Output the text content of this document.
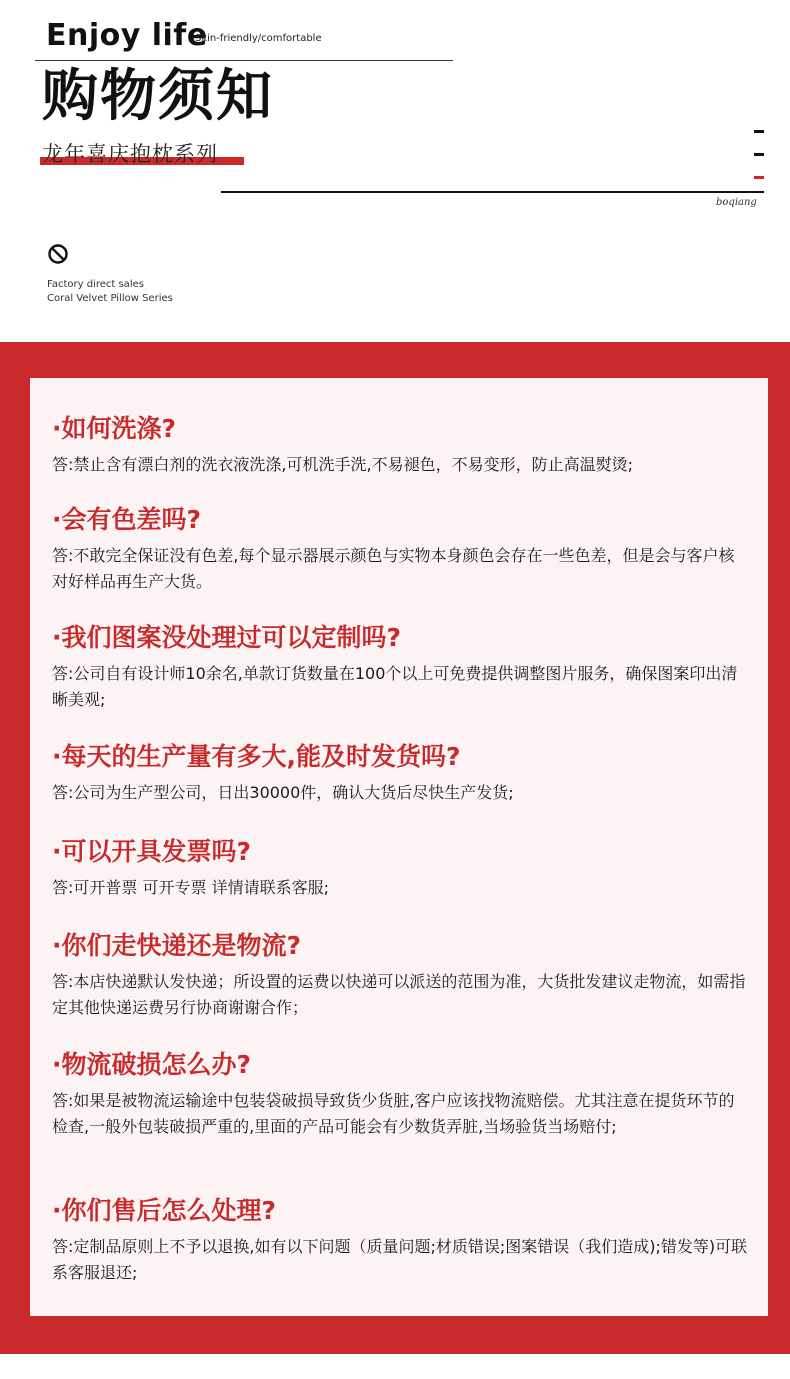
Enjoy life
Skin-friendly/comfortable
购物须知
龙年喜庆抱枕系列
boqiang
Factory direct sales
Coral Velvet Pillow Series
·如何洗涤?
答:禁止含有漂白剂的洗衣液洗涤,可机洗手洗,不易褪色，不易变形，防止高温熨烫;
·会有色差吗?
答:不敢完全保证没有色差,每个显示器展示颜色与实物本身颜色会存在一些色差，但是会与客户核对好样品再生产大货。
·我们图案没处理过可以定制吗?
答:公司自有设计师10余名,单款订货数量在100个以上可免费提供调整图片服务，确保图案印出清晰美观;
·每天的生产量有多大,能及时发货吗?
答:公司为生产型公司，日出30000件，确认大货后尽快生产发货;
·可以开具发票吗?
答:可开普票 可开专票 详情请联系客服;
·你们走快递还是物流?
答:本店快递默认发快递；所设置的运费以快递可以派送的范围为准，大货批发建议走物流，如需指定其他快递运费另行协商谢谢合作；
·物流破损怎么办?
答:如果是被物流运输途中包装袋破损导致货少货脏,客户应该找物流赔偿。尤其注意在提货环节的检查,一般外包装破损严重的,里面的产品可能会有少数货弄脏,当场验货当场赔付;
·你们售后怎么处理?
答:定制品原则上不予以退换,如有以下问题（质量问题;材质错误;图案错误（我们造成);错发等)可联系客服退还;
